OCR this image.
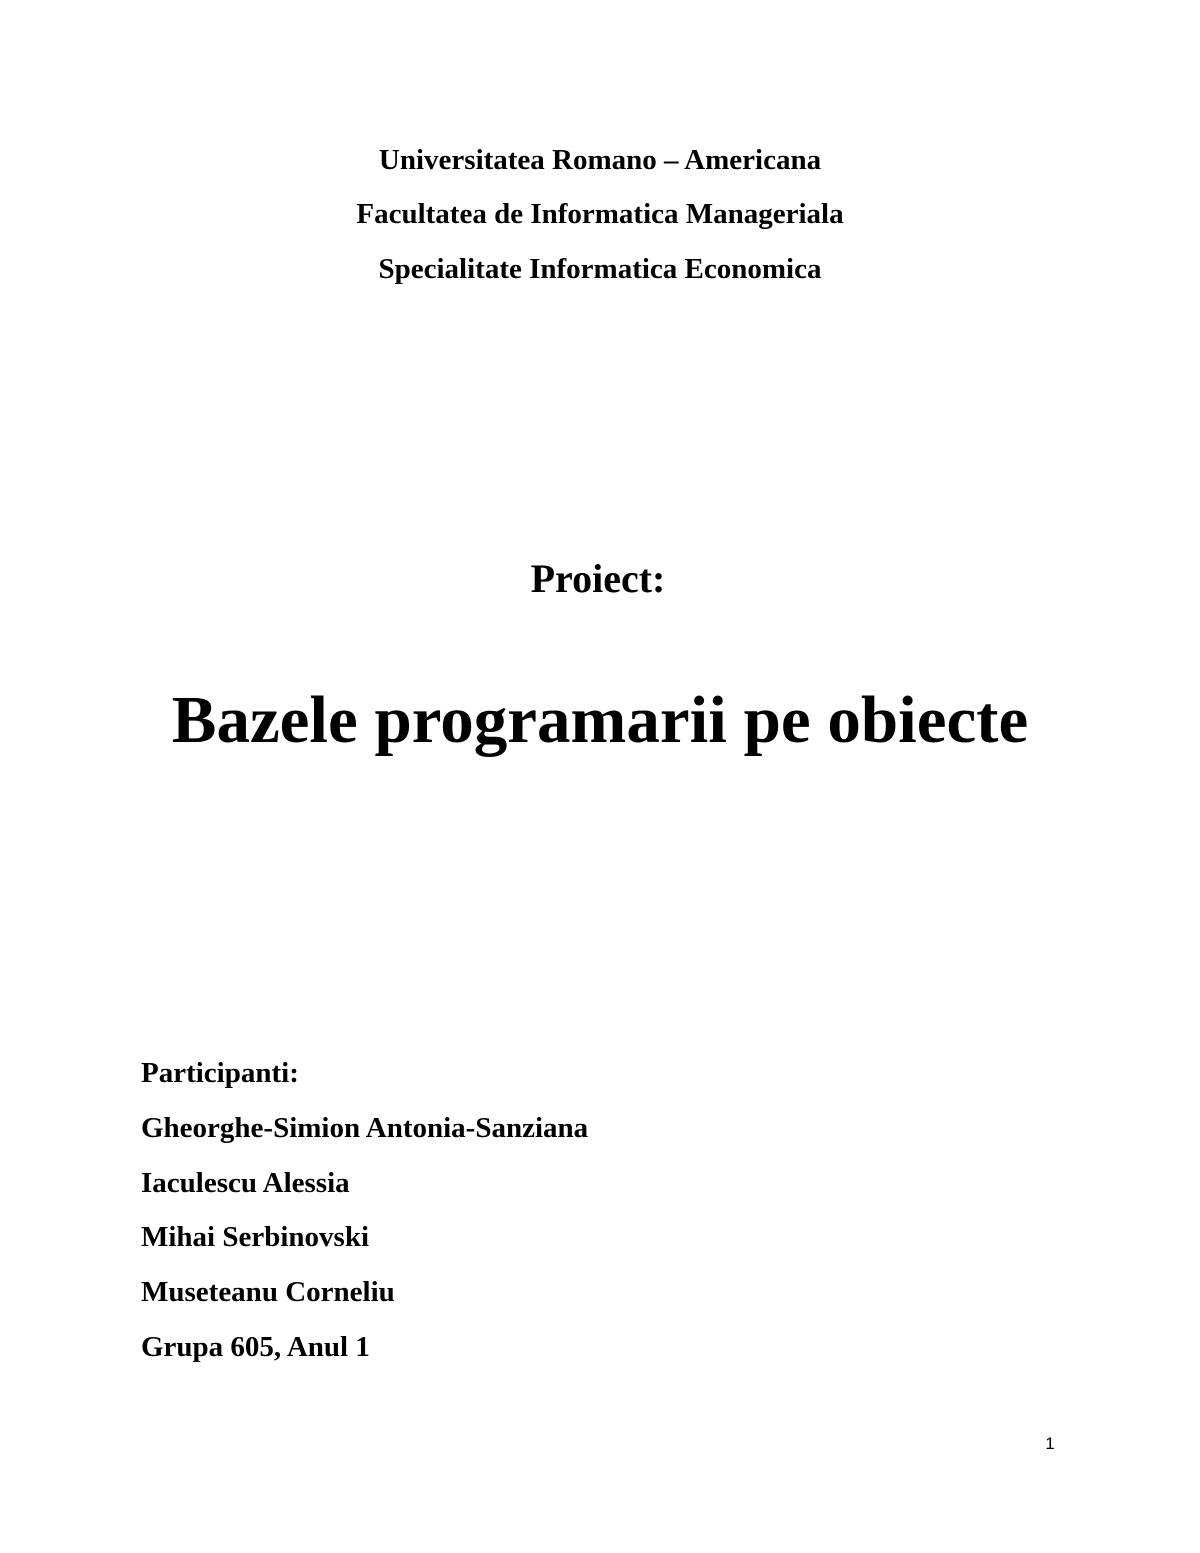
Universitatea Romano – Americana
Facultatea de Informatica Manageriala
Specialitate Informatica Economica
Proiect:
Bazele programarii pe obiecte
Participanti:
Gheorghe-Simion Antonia-Sanziana
Iaculescu Alessia
Mihai Serbinovski
Museteanu Corneliu
Grupa 605, Anul 1
1
